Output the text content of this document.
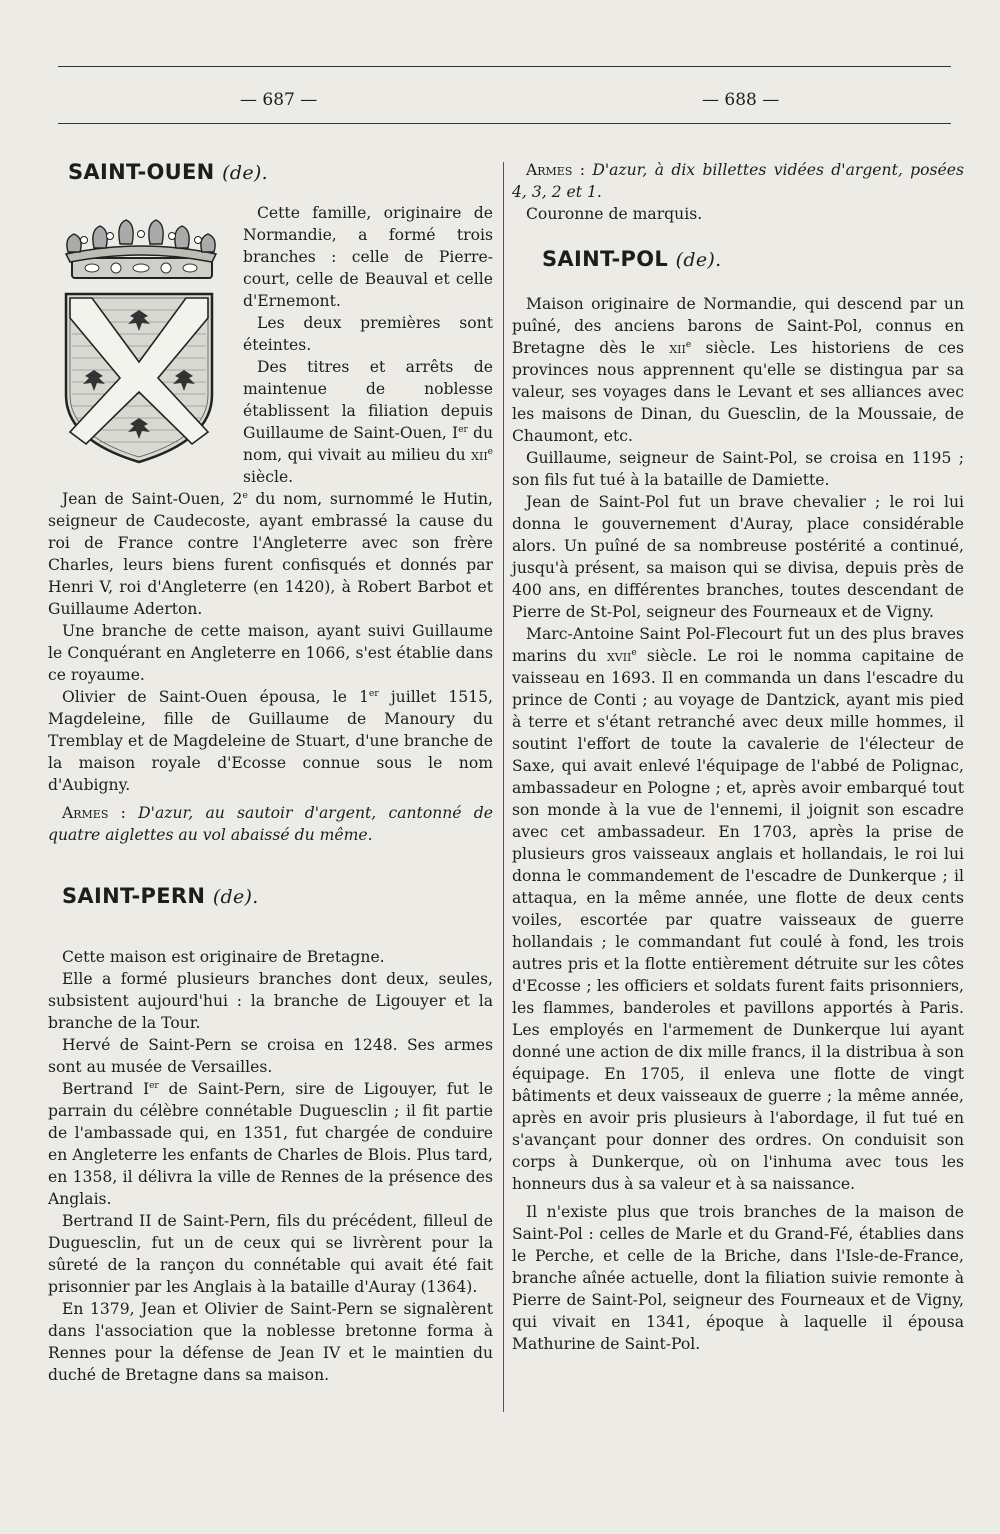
— 687 —	— 688 —
SAINT-OUEN (de).

Cette famille, originaire de Normandie, a formé trois branches : celle de Pierre-court, celle de Beauval et celle d'Ernemont.

Les deux premières sont éteintes.

Des titres et arrêts de maintenue de noblesse établissent la filiation depuis Guillaume de Saint-Ouen, Ier du nom, qui vivait au milieu du xii$^e$ siècle.

Jean de Saint-Ouen, 2e du nom, surnommé le Hutin, seigneur de Caudecoste, ayant embrassé la cause du roi de France contre l'Angleterre avec son frère Charles, leurs biens furent confisqués et donnés par Henri V, roi d'Angleterre (en 1420), à Robert Barbot et Guillaume Aderton.

Une branche de cette maison, ayant suivi Guillaume le Conquérant en Angleterre en 1066, s'est établie dans ce royaume.

Olivier de Saint-Ouen épousa, le 1er juillet 1515, Magdeleine, fille de Guillaume de Manoury du Tremblay et de Magdeleine de Stuart, d'une branche de la maison royale d'Ecosse connue sous le nom d'Aubigny.

Armes : D'azur, au sautoir d'argent, cantonné de quatre aiglettes au vol abaissé du même.

SAINT-PERN (de).

Cette maison est originaire de Bretagne.

Elle a formé plusieurs branches dont deux, seules, subsistent aujourd'hui : la branche de Ligouyer et la branche de la Tour.

Hervé de Saint-Pern se croisa en 1248. Ses armes sont au musée de Versailles.

Bertrand Ier de Saint-Pern, sire de Ligouyer, fut le parrain du célèbre connétable Duguesclin ; il fit partie de l'ambassade qui, en 1351, fut chargée de conduire en Angleterre les enfants de Charles de Blois. Plus tard, en 1358, il délivra la ville de Rennes de la présence des Anglais.

Bertrand II de Saint-Pern, fils du précédent, filleul de Duguesclin, fut un de ceux qui se livrèrent pour la sûreté de la rançon du connétable qui avait été fait prisonnier par les Anglais à la bataille d'Auray (1364).

En 1379, Jean et Olivier de Saint-Pern se signalèrent dans l'association que la noblesse bretonne forma à Rennes pour la défense de Jean IV et le maintien du duché de Bretagne dans sa maison.

Armes : D'azur, à dix billettes vidées d'argent, posées 4, 3, 2 et 1.

Couronne de marquis.

SAINT-POL (de).

Maison originaire de Normandie, qui descend par un puîné, des anciens barons de Saint-Pol, connus en Bretagne dès le xii$^e$ siècle. Les historiens de ces provinces nous apprennent qu'elle se distingua par sa valeur, ses voyages dans le Levant et ses alliances avec les maisons de Dinan, du Guesclin, de la Moussaie, de Chaumont, etc.

Guillaume, seigneur de Saint-Pol, se croisa en 1195 ; son fils fut tué à la bataille de Damiette.

Jean de Saint-Pol fut un brave chevalier ; le roi lui donna le gouvernement d'Auray, place considérable alors. Un puîné de sa nombreuse postérité a continué, jusqu'à présent, sa maison qui se divisa, depuis près de 400 ans, en différentes branches, toutes descendant de Pierre de St-Pol, seigneur des Fourneaux et de Vigny.

Marc-Antoine Saint Pol-Flecourt fut un des plus braves marins du xvii$^e$ siècle. Le roi le nomma capitaine de vaisseau en 1693. Il en commanda un dans l'escadre du prince de Conti ; au voyage de Dantzick, ayant mis pied à terre et s'étant retranché avec deux mille hommes, il soutint l'effort de toute la cavalerie de l'électeur de Saxe, qui avait enlevé l'équipage de l'abbé de Polignac, ambassadeur en Pologne ; et, après avoir embarqué tout son monde à la vue de l'ennemi, il joignit son escadre avec cet ambassadeur. En 1703, après la prise de plusieurs gros vaisseaux anglais et hollandais, le roi lui donna le commandement de l'escadre de Dunkerque ; il attaqua, en la même année, une flotte de deux cents voiles, escortée par quatre vaisseaux de guerre hollandais ; le commandant fut coulé à fond, les trois autres pris et la flotte entièrement détruite sur les côtes d'Ecosse ; les officiers et soldats furent faits prisonniers, les flammes, banderoles et pavillons apportés à Paris. Les employés en l'armement de Dunkerque lui ayant donné une action de dix mille francs, il la distribua à son équipage. En 1705, il enleva une flotte de vingt bâtiments et deux vaisseaux de guerre ; la même année, après en avoir pris plusieurs à l'abordage, il fut tué en s'avançant pour donner des ordres. On conduisit son corps à Dunkerque, où on l'inhuma avec tous les honneurs dus à sa valeur et à sa naissance.

Il n'existe plus que trois branches de la maison de Saint-Pol : celles de Marle et du Grand-Fé, établies dans le Perche, et celle de la Briche, dans l'Isle-de-France, branche aînée actuelle, dont la filiation suivie remonte à Pierre de Saint-Pol, seigneur des Fourneaux et de Vigny, qui vivait en 1341, époque à laquelle il épousa Mathurine de Saint-Pol.
